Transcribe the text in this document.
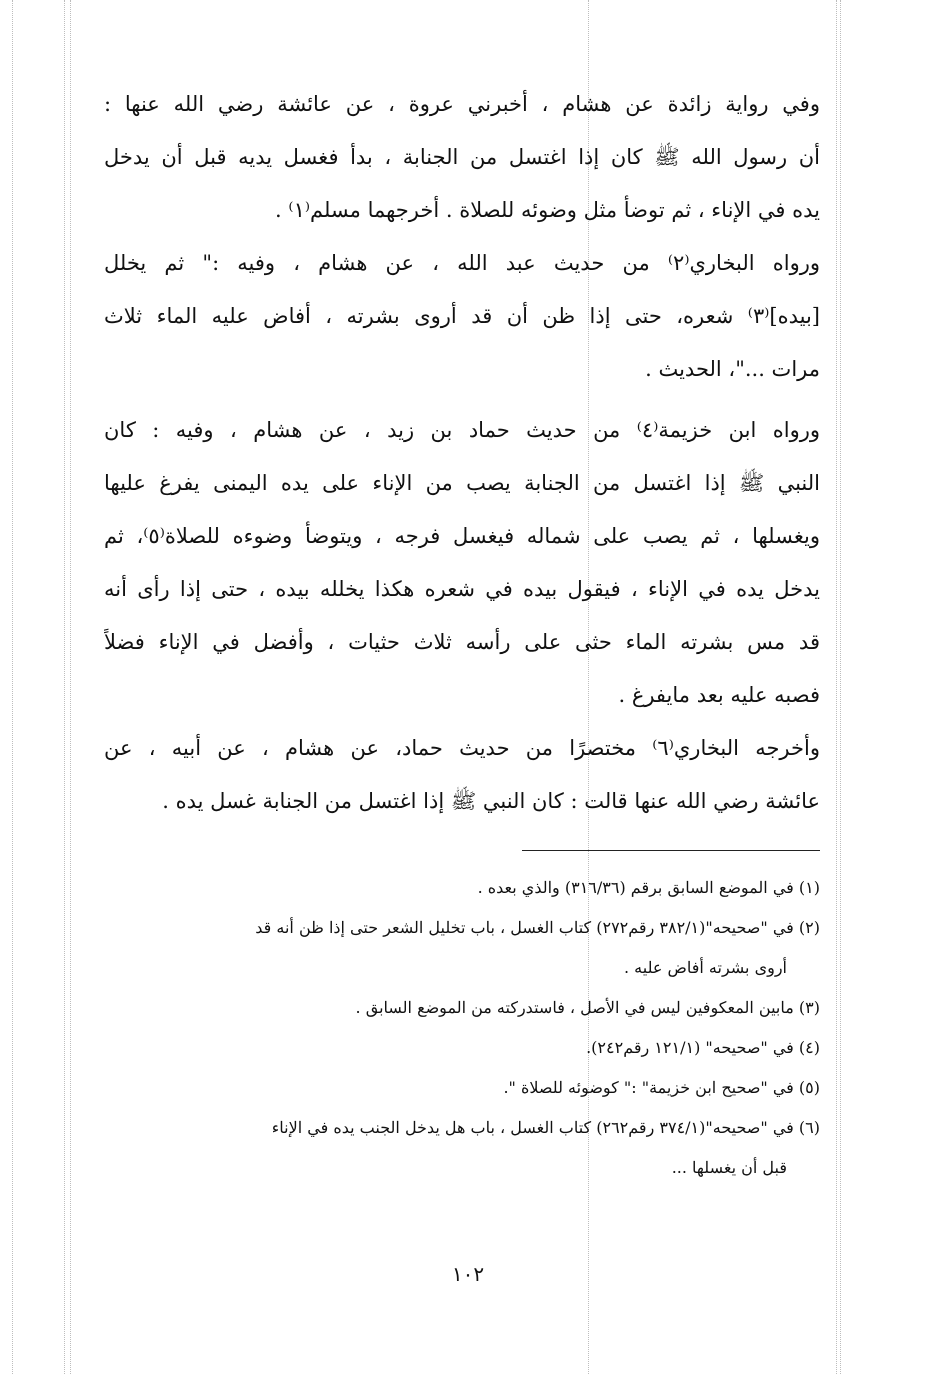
وفي رواية زائدة عن هشام ، أخبرني عروة ، عن عائشة رضي الله عنها :
أن رسول الله ﷺ كان إذا اغتسل من الجنابة ، بدأ فغسل يديه قبل أن يدخل
يده في الإناء ، ثم توضأ مثل وضوئه للصلاة . أخرجهما مسلم⁽١⁾ .
ورواه البخاري⁽٢⁾ من حديث عبد الله ، عن هشام ، وفيه :" ثم يخلل
[بيده]⁽٣⁾ شعره، حتى إذا ظن أن قد أروى بشرته ، أفاض عليه الماء ثلاث
مرات ..."، الحديث .
ورواه ابن خزيمة⁽٤⁾ من حديث حماد بن زيد ، عن هشام ، وفيه : كان
النبي ﷺ إذا اغتسل من الجنابة يصب من الإناء على يده اليمنى يفرغ عليها
ويغسلها ، ثم يصب على شماله فيغسل فرجه ، ويتوضأ وضوءه للصلاة⁽٥⁾، ثم
يدخل يده في الإناء ، فيقول بيده في شعره هكذا يخلله بيده ، حتى إذا رأى أنه
قد مس بشرته الماء حثى على رأسه ثلاث حثيات ، وأفضل في الإناء فضلاً
فصبه عليه بعد مايفرغ .
وأخرجه البخاري⁽٦⁾ مختصرًا من حديث حماد، عن هشام ، عن أبيه ، عن
عائشة رضي الله عنها قالت : كان النبي ﷺ إذا اغتسل من الجنابة غسل يده .
(١) في الموضع السابق برقم (٣١٦/٣٦) والذي بعده .
(٢) في "صحيحه"(٣٨٢/١ رقم٢٧٢) كتاب الغسل ، باب تخليل الشعر حتى إذا ظن أنه قد
أروى بشرته أفاض عليه .
(٣) مابين المعكوفين ليس في الأصل ، فاستدركته من الموضع السابق .
(٤) في "صحيحه" (١٢١/١ رقم٢٤٢).
(٥) في "صحيح ابن خزيمة" :" كوضوئه للصلاة ".
(٦) في "صحيحه"(٣٧٤/١ رقم٢٦٢) كتاب الغسل ، باب هل يدخل الجنب يده في الإناء
قبل أن يغسلها ...
١٠٢
